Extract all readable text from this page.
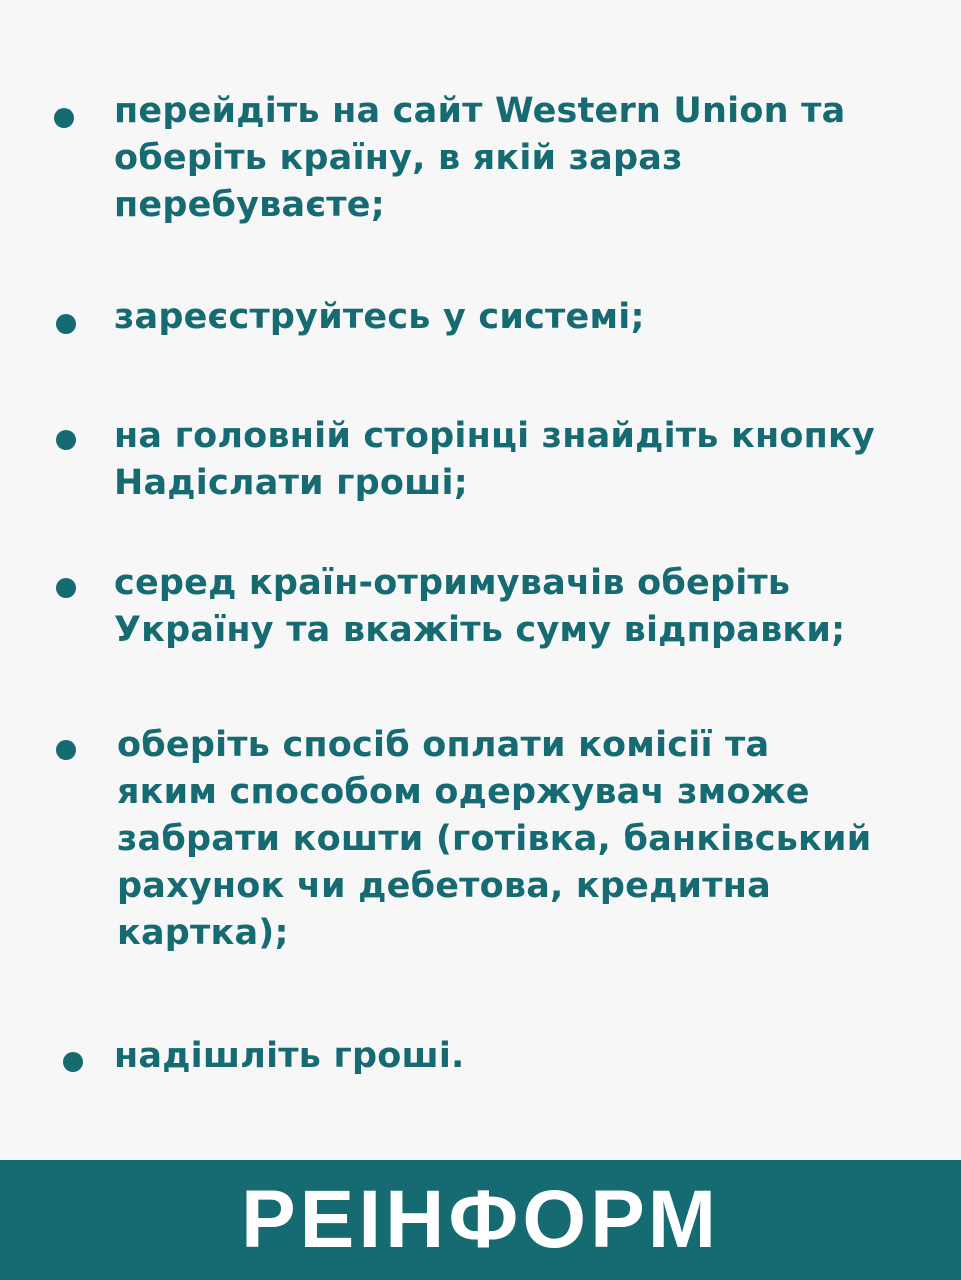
перейдіть на сайт Western Union та
оберіть країну, в якій зараз
перебуваєте;
зареєструйтесь у системі;
на головній сторінці знайдіть кнопку
Надіслати гроші;
серед країн-отримувачів оберіть
Україну та вкажіть суму відправки;
оберіть спосіб оплати комісії та
яким способом одержувач зможе
забрати кошти (готівка, банківський
рахунок чи дебетова, кредитна
картка);
надішліть гроші.
РЕІНФОРМ
